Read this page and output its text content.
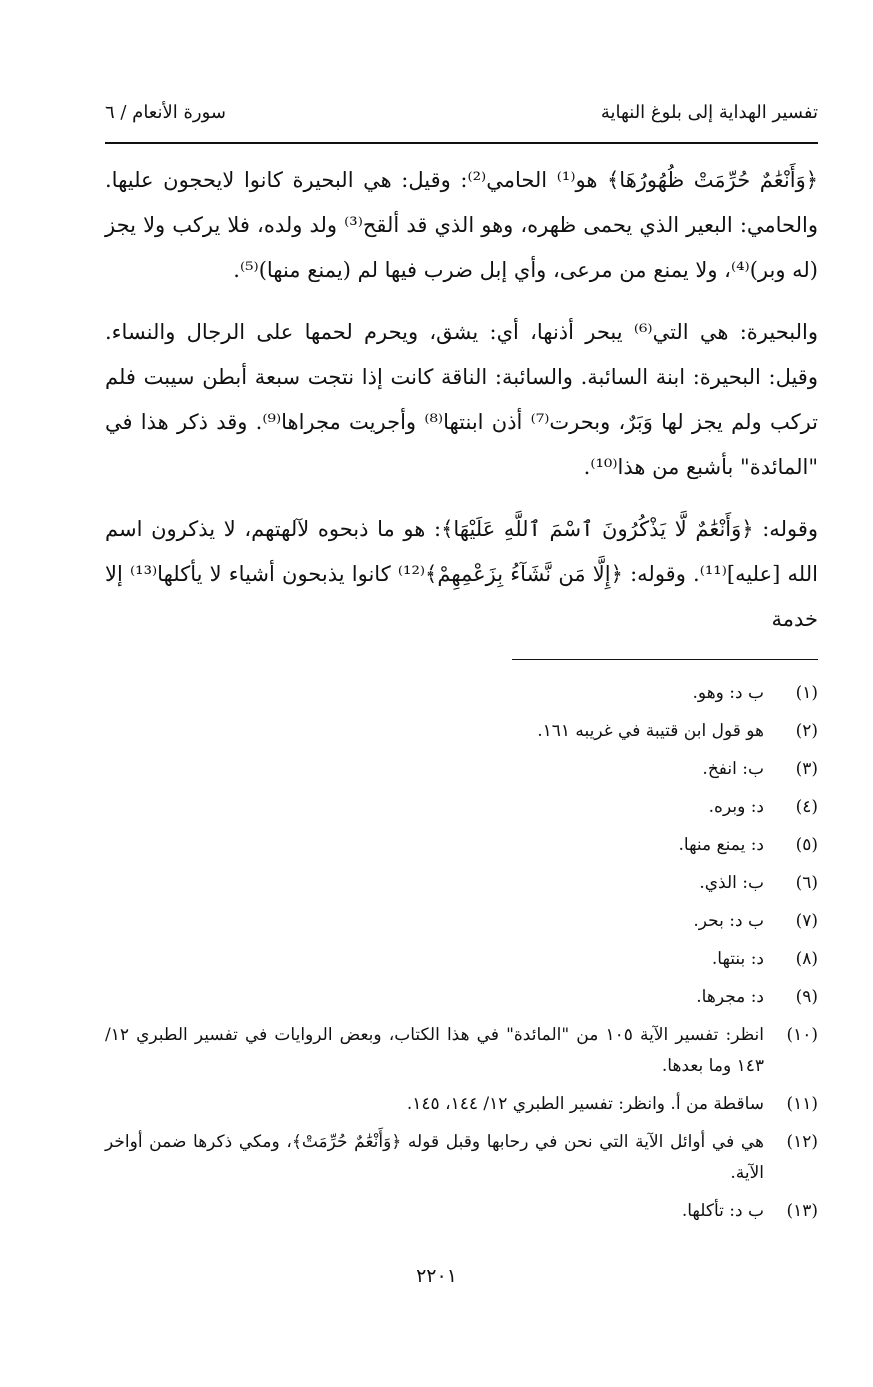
تفسير الهداية إلى بلوغ النهاية
سورة الأنعام / ٦

﴿وَأَنْعَٰمٌ حُرِّمَتْ ظُهُورُهَا﴾ هو⁽¹⁾ الحامي⁽²⁾: وقيل: هي البحيرة كانوا لايحجون عليها. والحامي: البعير الذي يحمى ظهره، وهو الذي قد ألقح⁽³⁾ ولد ولده، فلا يركب ولا يجز (له وبر)⁽⁴⁾، ولا يمنع من مرعى، وأي إبل ضرب فيها لم (يمنع منها)⁽⁵⁾.

والبحيرة: هي التي⁽⁶⁾ يبحر أذنها، أي: يشق، ويحرم لحمها على الرجال والنساء. وقيل: البحيرة: ابنة السائبة. والسائبة: الناقة كانت إذا نتجت سبعة أبطن سيبت فلم تركب ولم يجز لها وَبَرٌ، وبحرت⁽⁷⁾ أذن ابنتها⁽⁸⁾ وأجريت مجراها⁽⁹⁾. وقد ذكر هذا في "المائدة" بأشبع من هذا⁽¹⁰⁾.

وقوله: ﴿وَأَنْعَٰمٌ لَّا يَذْكُرُونَ ٱسْمَ ٱللَّهِ عَلَيْهَا﴾: هو ما ذبحوه لآلهتهم، لا يذكرون اسم الله [عليه]⁽¹¹⁾. وقوله: ﴿إِلَّا مَن نَّشَآءُ بِزَعْمِهِمْ﴾⁽¹²⁾ كانوا يذبحون أشياء لا يأكلها⁽¹³⁾ إلا خدمة

(١)
ب د: وهو.
(٢)
هو قول ابن قتيبة في غريبه ١٦١.
(٣)
ب: انفخ.
(٤)
د: وبره.
(٥)
د: يمنع منها.
(٦)
ب: الذي.
(٧)
ب د: بحر.
(٨)
د: بنتها.
(٩)
د: مجرها.
(١٠)
انظر: تفسير الآية ١٠٥ من "المائدة" في هذا الكتاب، وبعض الروايات في تفسير الطبري ١٢/ ١٤٣ وما بعدها.
(١١)
ساقطة من أ. وانظر: تفسير الطبري ١٢/ ١٤٤، ١٤٥.
(١٢)
هي في أوائل الآية التي نحن في رحابها وقبل قوله ﴿وَأَنْعَٰمٌ حُرِّمَتْ﴾، ومكي ذكرها ضمن أواخر الآية.
(١٣)
ب د: تأكلها.
٢٢٠١
